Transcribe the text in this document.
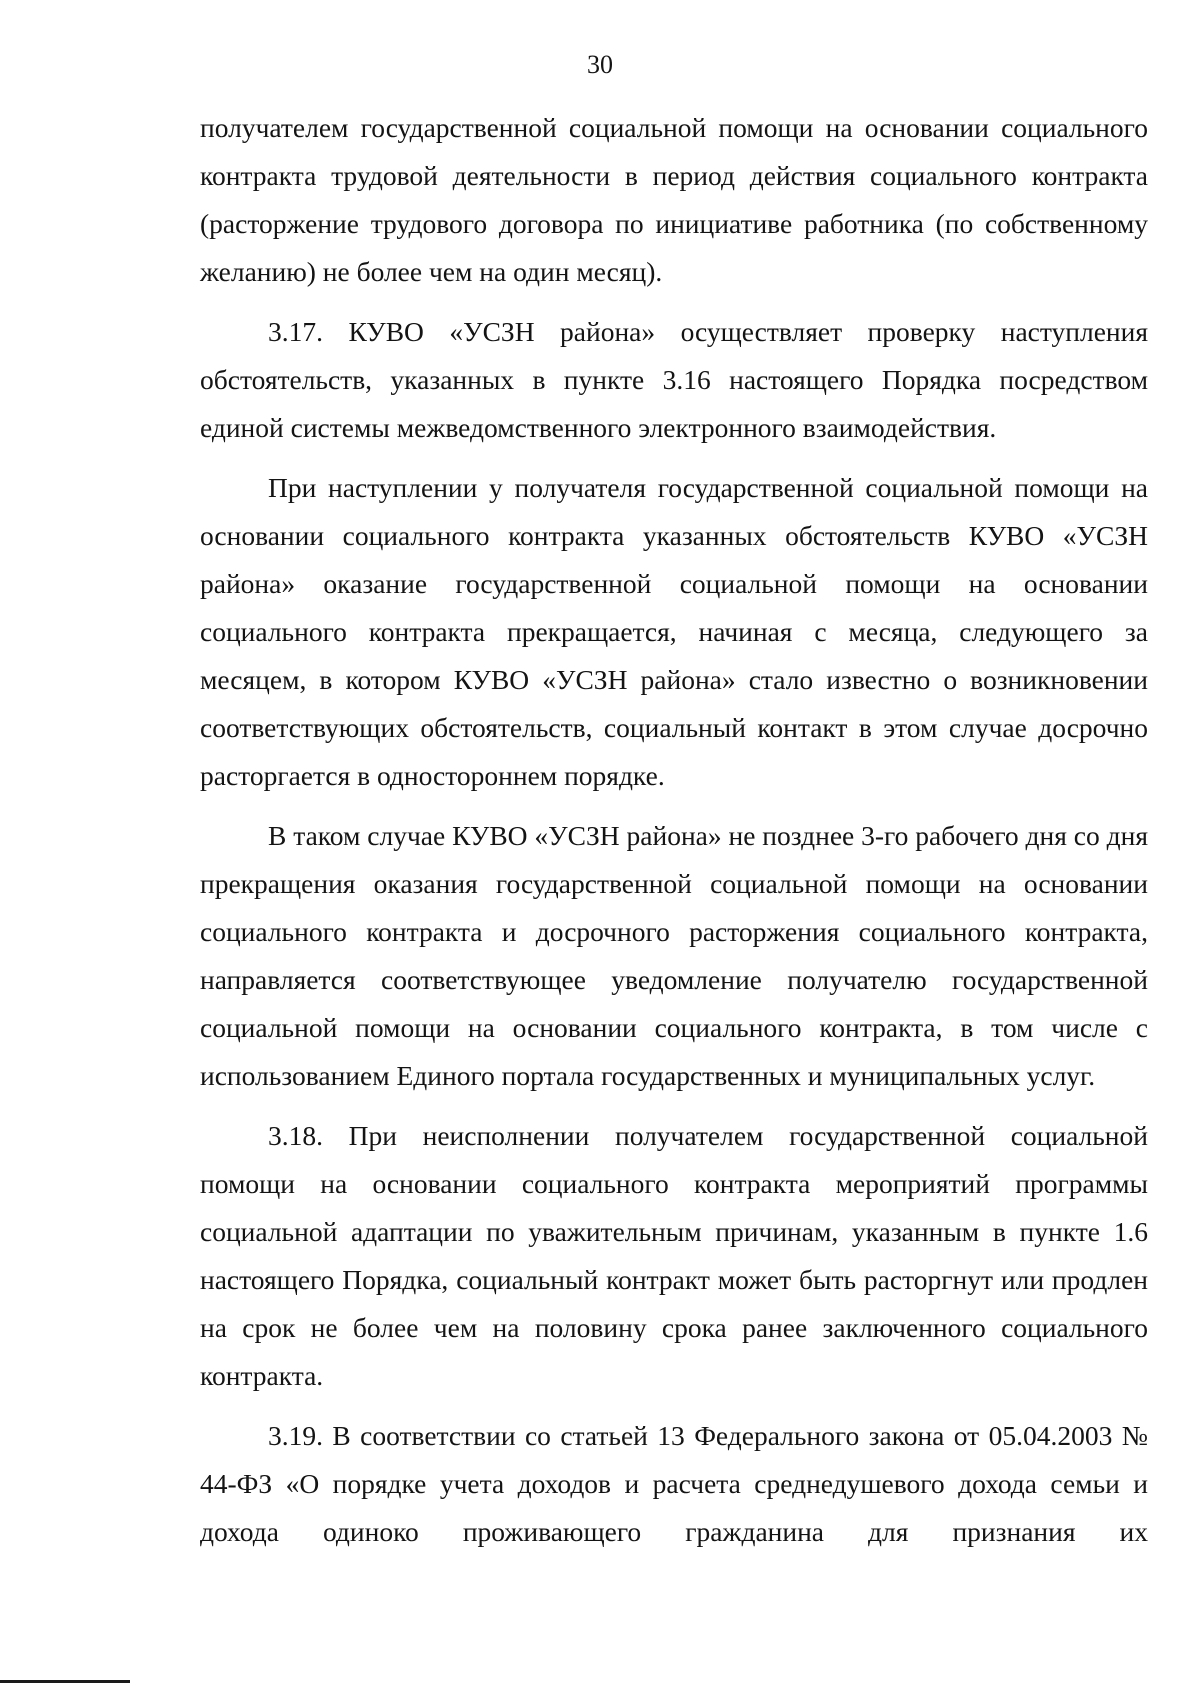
30

получателем государственной социальной помощи на основании социального контракта трудовой деятельности в период действия социального контракта (расторжение трудового договора по инициативе работника (по собственному желанию) не более чем на один месяц).

3.17. КУВО «УСЗН района» осуществляет проверку наступления обстоятельств, указанных в пункте 3.16 настоящего Порядка посредством единой системы межведомственного электронного взаимодействия.

При наступлении у получателя государственной социальной помощи на основании социального контракта указанных обстоятельств КУВО «УСЗН района» оказание государственной социальной помощи на основании социального контракта прекращается, начиная с месяца, следующего за месяцем, в котором КУВО «УСЗН района» стало известно о возникновении соответствующих обстоятельств, социальный контакт в этом случае досрочно расторгается в одностороннем порядке.

В таком случае КУВО «УСЗН района» не позднее 3-го рабочего дня со дня прекращения оказания государственной социальной помощи на основании социального контракта и досрочного расторжения социального контракта, направляется соответствующее уведомление получателю государственной социальной помощи на основании социального контракта, в том числе с использованием Единого портала государственных и муниципальных услуг.

3.18. При неисполнении получателем государственной социальной помощи на основании социального контракта мероприятий программы социальной адаптации по уважительным причинам, указанным в пункте 1.6 настоящего Порядка, социальный контракт может быть расторгнут или продлен на срок не более чем на половину срока ранее заключенного социального контракта.

3.19. В соответствии со статьей 13 Федерального закона от 05.04.2003 № 44-ФЗ «О порядке учета доходов и расчета среднедушевого дохода семьи и дохода одиноко проживающего гражданина для признания их
